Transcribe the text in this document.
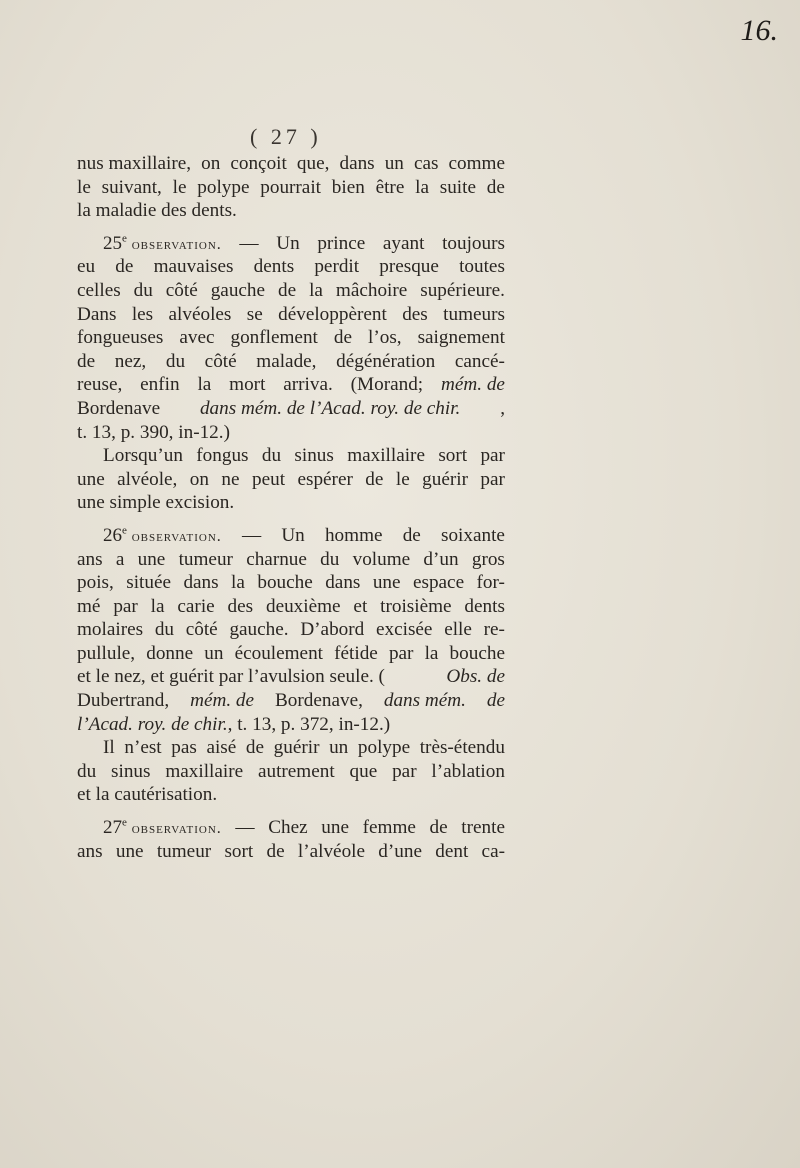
16.
( 27 )
nus maxillaire, on conçoit que, dans un cas comme
le suivant, le polype pourrait bien être la suite de
la maladie des dents.
25e observation. — Un prince ayant toujours
eu de mauvaises dents perdit presque toutes
celles du côté gauche de la mâchoire supérieure.
Dans les alvéoles se développèrent des tumeurs
fongueuses avec gonflement de l’os, saignement
de nez, du côté malade, dégénération cancé-
reuse, enfin la mort arriva. (Morand; mém. de
Bordenave dans mém. de l’Acad. roy. de chir. ,
t. 13, p. 390, in-12.)
Lorsqu’un fongus du sinus maxillaire sort par
une alvéole, on ne peut espérer de le guérir par
une simple excision.
26e observation. — Un homme de soixante
ans a une tumeur charnue du volume d’un gros
pois, située dans la bouche dans une espace for-
mé par la carie des deuxième et troisième dents
molaires du côté gauche. D’abord excisée elle re-
pullule, donne un écoulement fétide par la bouche
et le nez, et guérit par l’avulsion seule. (	Obs. de
Dubertrand, mém. de Bordenave, dans mém. de
l’Acad. roy. de chir. , t. 13, p. 372, in-12.)
Il n’est pas aisé de guérir un polype très-étendu
du sinus maxillaire autrement que par l’ablation
et la cautérisation.
27e observation. — Chez une femme de trente
ans une tumeur sort de l’alvéole d’une dent ca-
